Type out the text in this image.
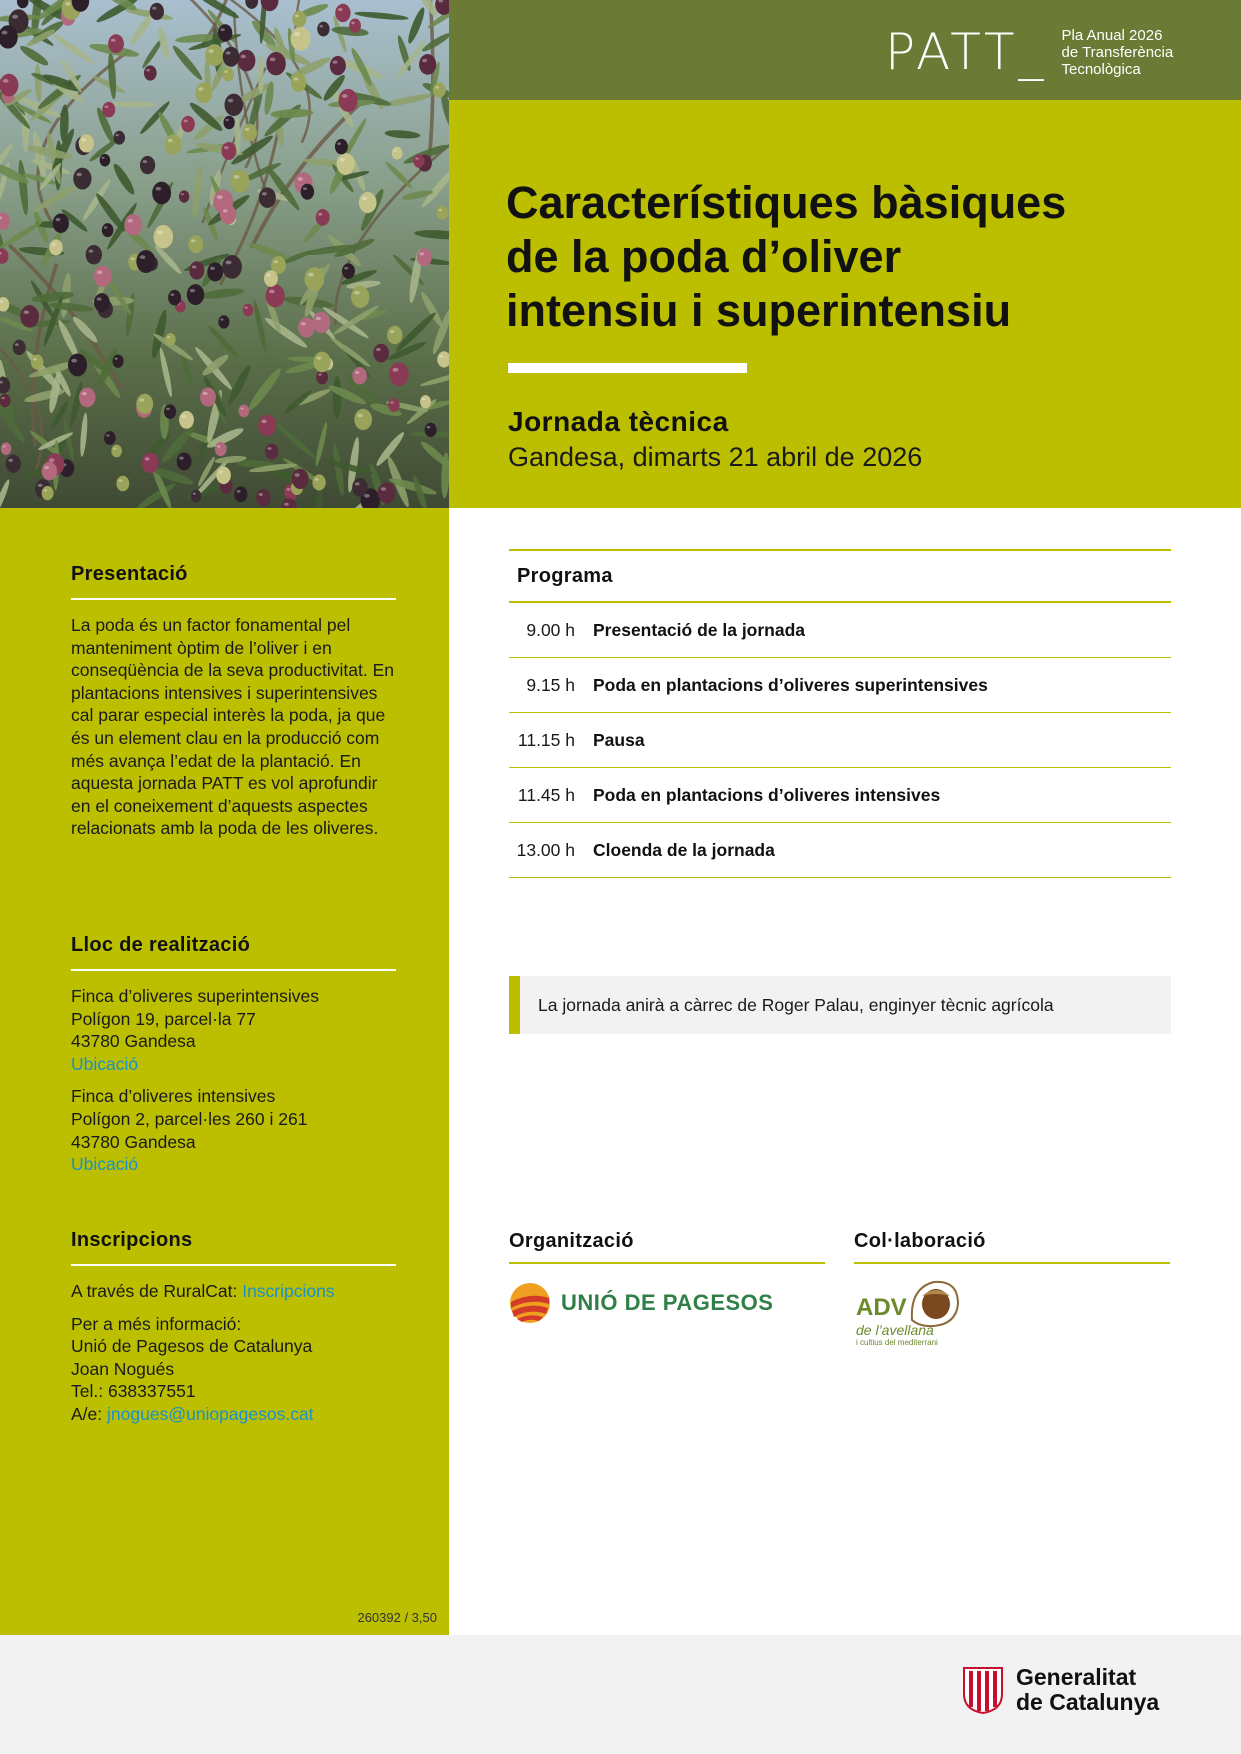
PATT_ Pla Anual 2026
de Transferència
Tecnològica
Característiques bàsiques
de la poda d’oliver
intensiu i superintensiu
Jornada tècnica
Gandesa, dimarts 21 abril de 2026
Presentació
La poda és un factor fonamental pel manteniment òptim de l’oliver i en conseqüència de la seva productivitat. En plantacions intensives i superintensives cal parar especial interès la poda, ja que és un element clau en la producció com més avança l’edat de la plantació. En aquesta jornada PATT es vol aprofundir en el coneixement d’aquests aspectes relacionats amb la poda de les oliveres.
Lloc de realització

Finca d’oliveres superintensives
Polígon 19, parcel·la 77
43780 Gandesa
Ubicació

Finca d’oliveres intensives
Polígon 2, parcel·les 260 i 261
43780 Gandesa
Ubicació

Inscripcions

A través de RuralCat: Inscripcions

Per a més informació:
Unió de Pagesos de Catalunya
Joan Nogués
Tel.: 638337551
A/e: jnogues@uniopagesos.cat

260392 / 3,50
Programa
9.00 h Presentació de la jornada
9.15 h Poda en plantacions d’oliveres superintensives
11.15 h Pausa
11.45 h Poda en plantacions d’oliveres intensives
13.00 h Cloenda de la jornada
La jornada anirà a càrrec de Roger Palau, enginyer tècnic agrícola
Organització
UNIÓ DE PAGESOS
Col·laboració
ADV
de l’avellana
i cultius del mediterrani
Generalitat
de Catalunya
